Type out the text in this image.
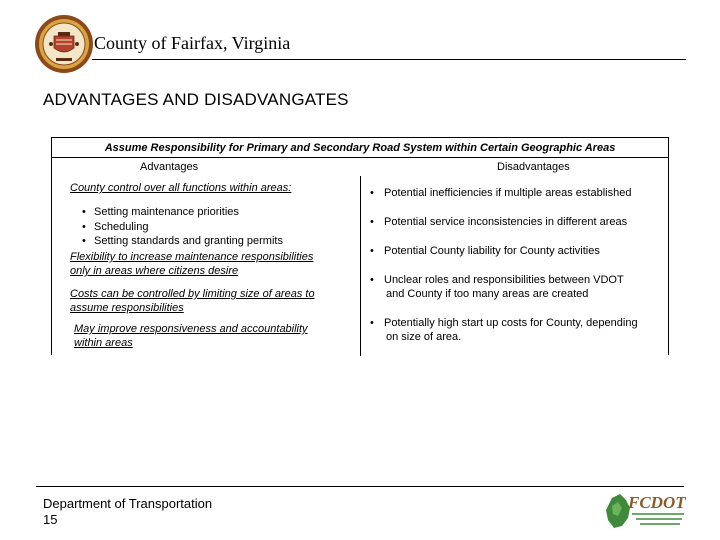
County of Fairfax, Virginia
ADVANTAGES AND DISADVANGATES
Assume Responsibility for Primary and Secondary Road System within Certain Geographic Areas
Advantages	Disadvantages
County control over all functions within areas:
• Setting maintenance priorities
• Scheduling
• Setting standards and granting permits
Flexibility to increase maintenance responsibilities
only in areas where citizens desire
Costs can be controlled by limiting size of areas to
assume responsibilities
May improve responsiveness and accountability
within areas
• Potential inefficiencies if multiple areas established
• Potential service inconsistencies in different areas
• Potential County liability for County activities
• Unclear roles and responsibilities between VDOT
and County if too many areas are created
• Potentially high start up costs for County, depending
on size of area.
Department of Transportation
15
FCDOT
